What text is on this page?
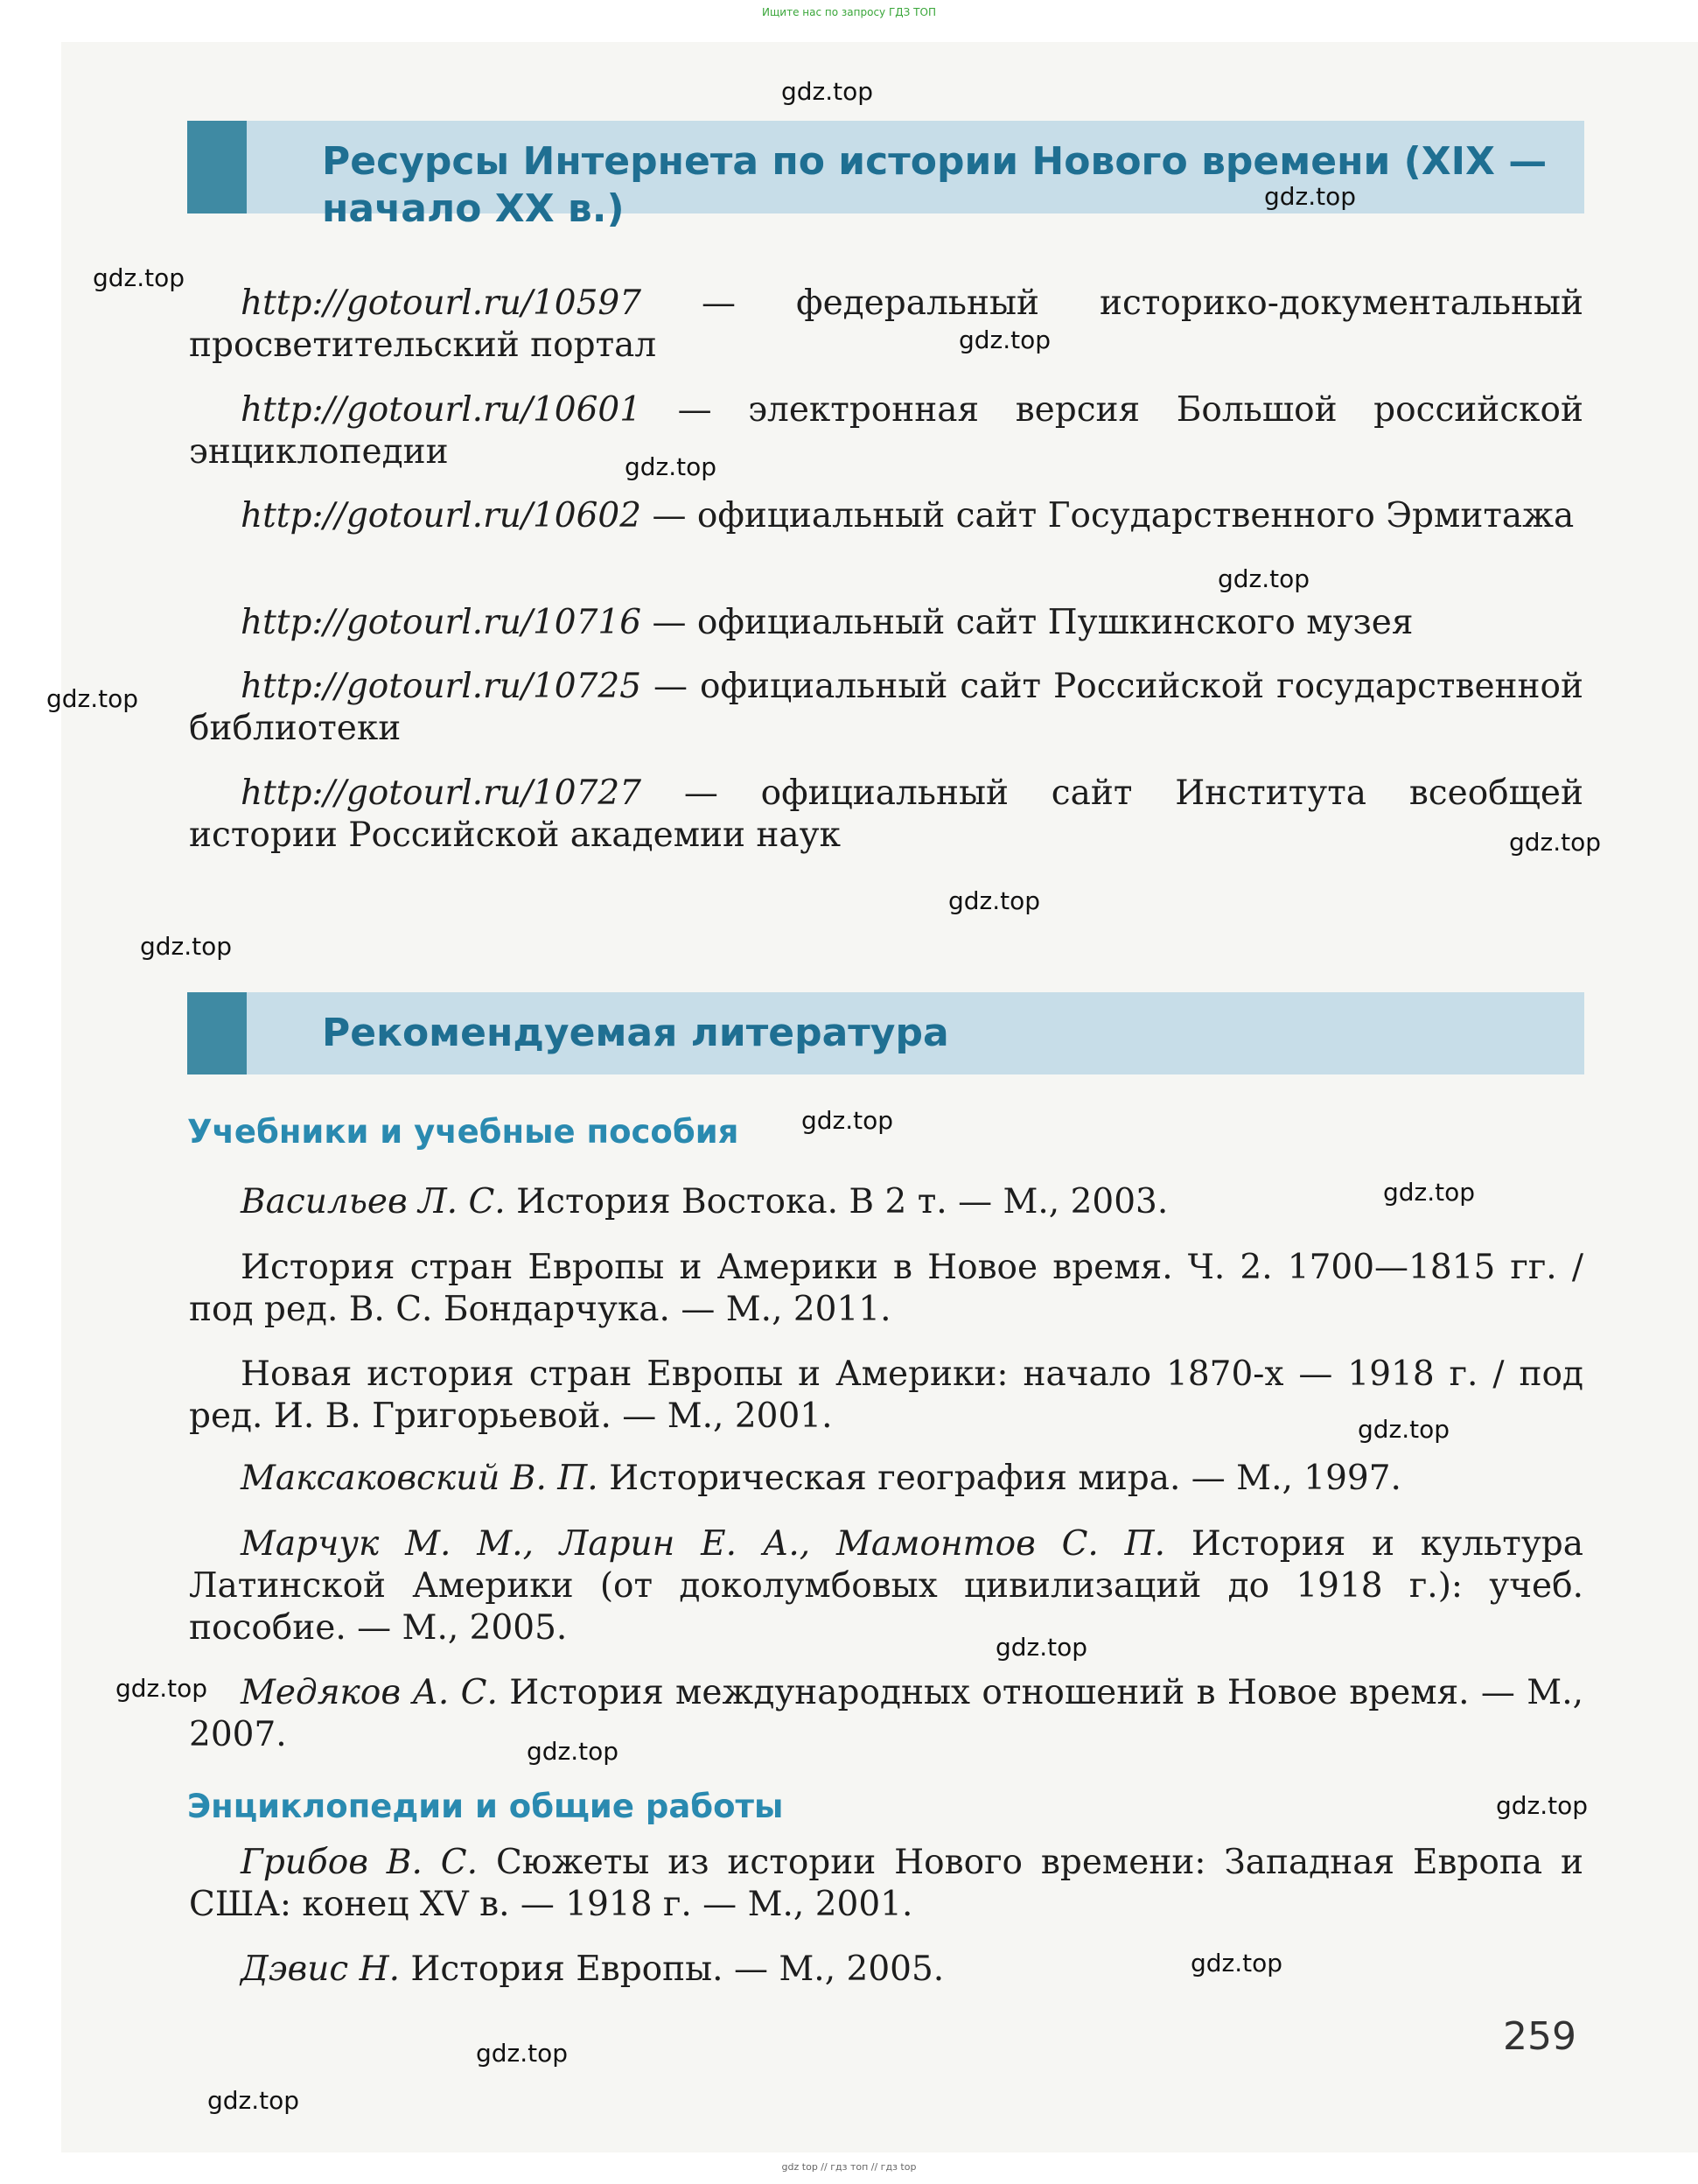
Ищите нас по запросу ГДЗ ТОП
Ресурсы Интернета по истории Нового времени (XIX — начало XX в.)
http://gotourl.ru/10597 — федеральный историко-документальный просветительский портал
http://gotourl.ru/10601 — электронная версия Большой российской энциклопедии
http://gotourl.ru/10602 — официальный сайт Государственного Эрмитажа
http://gotourl.ru/10716 — официальный сайт Пушкинского музея
http://gotourl.ru/10725 — официальный сайт Российской государственной библиотеки
http://gotourl.ru/10727 — официальный сайт Института всеобщей истории Российской академии наук
Рекомендуемая литература
Учебники и учебные пособия
Васильев Л. С. История Востока. В 2 т. — М., 2003.
История стран Европы и Америки в Новое время. Ч. 2. 1700—1815 гг. / под ред. В. С. Бондарчука. — М., 2011.
Новая история стран Европы и Америки: начало 1870-х — 1918 г. / под ред. И. В. Григорьевой. — М., 2001.
Максаковский В. П. Историческая география мира. — М., 1997.
Марчук М. М., Ларин Е. А., Мамонтов С. П. История и культура Латинской Америки (от доколумбовых цивилизаций до 1918 г.): учеб. пособие. — М., 2005.
Медяков А. С. История международных отношений в Новое время. — М., 2007.
Энциклопедии и общие работы
Грибов В. С. Сюжеты из истории Нового времени: Западная Европа и США: конец XV в. — 1918 г. — М., 2001.
Дэвис Н. История Европы. — М., 2005.
259
gdz.top
gdz.top
gdz.top
gdz.top
gdz.top
gdz.top
gdz.top
gdz.top
gdz.top
gdz.top
gdz.top
gdz.top
gdz.top
gdz.top
gdz.top
gdz.top
gdz.top
gdz.top
gdz.top
gdz.top
gdz top // гдз топ // гдз top
